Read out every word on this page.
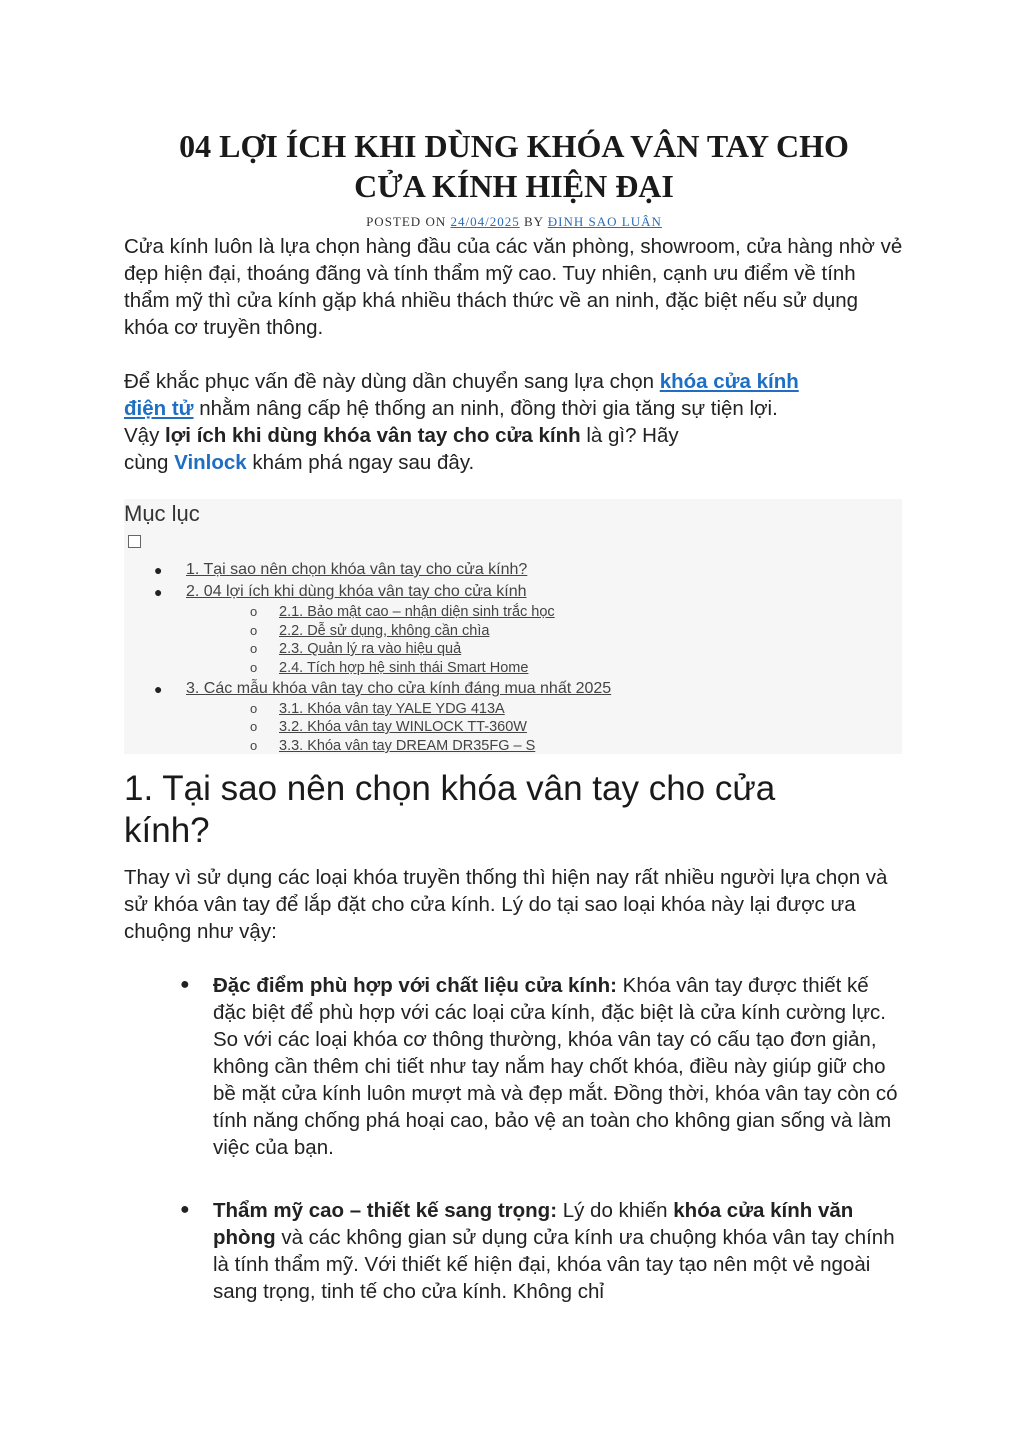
04 LỢI ÍCH KHI DÙNG KHÓA VÂN TAY CHO
CỬA KÍNH HIỆN ĐẠI
POSTED ON 24/04/2025 BY ĐINH SAO LUÂN

Cửa kính luôn là lựa chọn hàng đầu của các văn phòng, showroom, cửa hàng nhờ vẻ đẹp hiện đại, thoáng đãng và tính thẩm mỹ cao. Tuy nhiên, cạnh ưu điểm về tính thẩm mỹ thì cửa kính gặp khá nhiều thách thức về an ninh, đặc biệt nếu sử dụng khóa cơ truyền thông.

Để khắc phục vấn đề này dùng dần chuyển sang lựa chọn khóa cửa kính
điện tử nhằm nâng cấp hệ thống an ninh, đồng thời gia tăng sự tiện lợi.
Vậy lợi ích khi dùng khóa vân tay cho cửa kính là gì? Hãy
cùng Vinlock khám phá ngay sau đây.

Mục lục
● 1. Tại sao nên chọn khóa vân tay cho cửa kính?
● 2. 04 lợi ích khi dùng khóa vân tay cho cửa kính
o 2.1. Bảo mật cao – nhận diện sinh trắc học
o 2.2. Dễ sử dụng, không cần chìa
o 2.3. Quản lý ra vào hiệu quả
o 2.4. Tích hợp hệ sinh thái Smart Home
● 3. Các mẫu khóa vân tay cho cửa kính đáng mua nhất 2025
o 3.1. Khóa vân tay YALE YDG 413A
o 3.2. Khóa vân tay WINLOCK TT-360W
o 3.3. Khóa vân tay DREAM DR35FG – S
1. Tại sao nên chọn khóa vân tay cho cửa
kính?

Thay vì sử dụng các loại khóa truyền thống thì hiện nay rất nhiều người lựa chọn và sử khóa vân tay để lắp đặt cho cửa kính. Lý do tại sao loại khóa này lại được ưa chuộng như vậy:

● Đặc điểm phù hợp với chất liệu cửa kính: Khóa vân tay được thiết kế đặc biệt để phù hợp với các loại cửa kính, đặc biệt là cửa kính cường lực. So với các loại khóa cơ thông thường, khóa vân tay có cấu tạo đơn giản, không cần thêm chi tiết như tay nắm hay chốt khóa, điều này giúp giữ cho bề mặt cửa kính luôn mượt mà và đẹp mắt. Đồng thời, khóa vân tay còn có tính năng chống phá hoại cao, bảo vệ an toàn cho không gian sống và làm việc của bạn.
● Thẩm mỹ cao – thiết kế sang trọng: Lý do khiến khóa cửa kính văn phòng và các không gian sử dụng cửa kính ưa chuộng khóa vân tay chính là tính thẩm mỹ. Với thiết kế hiện đại, khóa vân tay tạo nên một vẻ ngoài sang trọng, tinh tế cho cửa kính. Không chỉ
